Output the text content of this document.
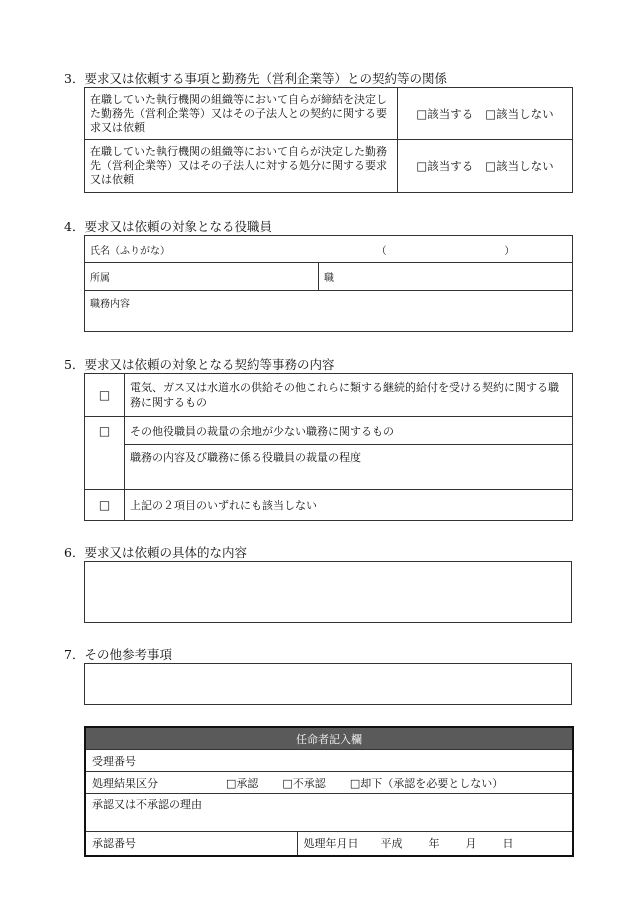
3．要求又は依頼する事項と勤務先（営利企業等）との契約等の関係
在職していた執行機関の組織等において自らが締結を決定した勤務先（営利企業等）又はその子法人との契約に関する要求又は依頼	□該当する □該当しない
在職していた執行機関の組織等において自らが決定した勤務先（営利企業等）又はその子法人に対する処分に関する要求又は依頼	□該当する □該当しない
4．要求又は依頼の対象となる役職員
氏名（ふりがな）	（	）

所属	職
職務内容
5．要求又は依頼の対象となる契約等事務の内容
□	電気、ガス又は水道水の供給その他これらに類する継続的給付を受ける契約に関する職務に関するもの
□	その他役職員の裁量の余地が少ない職務に関するもの
	職務の内容及び職務に係る役職員の裁量の程度
□	上記の２項目のいずれにも該当しない
6．要求又は依頼の具体的な内容
7．その他参考事項
任命者記入欄
受理番号
処理結果区分	□承認 □不承認 □却下（承認を必要としない）
承認又は不承認の理由
承認番号	処理年月日 平成 年 月 日
